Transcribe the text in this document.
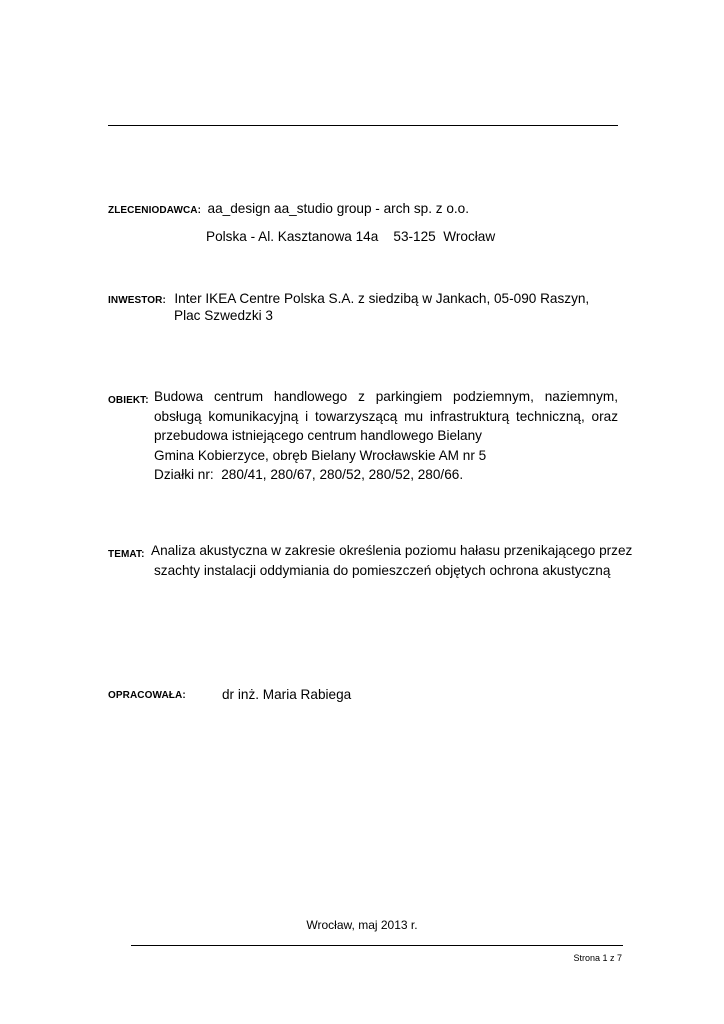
ZLECENIODAWCA: aa_design aa_studio group - arch sp. z o.o.
Polska - Al. Kasztanowa 14a    53-125  Wrocław
INWESTOR: Inter IKEA Centre Polska S.A. z siedzibą w Jankach, 05-090 Raszyn,
Plac Szwedzki 3
OBIEKT: Budowa centrum handlowego z parkingiem podziemnym, naziemnym,
obsługą komunikacyjną i towarzyszącą mu infrastrukturą techniczną, oraz
przebudowa istniejącego centrum handlowego Bielany
Gmina Kobierzyce, obręb Bielany Wrocławskie AM nr 5
Działki nr:  280/41, 280/67, 280/52, 280/52, 280/66.
TEMAT: Analiza akustyczna w zakresie określenia poziomu hałasu przenikającego przez
szachty instalacji oddymiania do pomieszczeń objętych ochrona akustyczną
OPRACOWAŁA:	dr inż. Maria Rabiega
Wrocław, maj 2013 r.
Strona 1 z 7
